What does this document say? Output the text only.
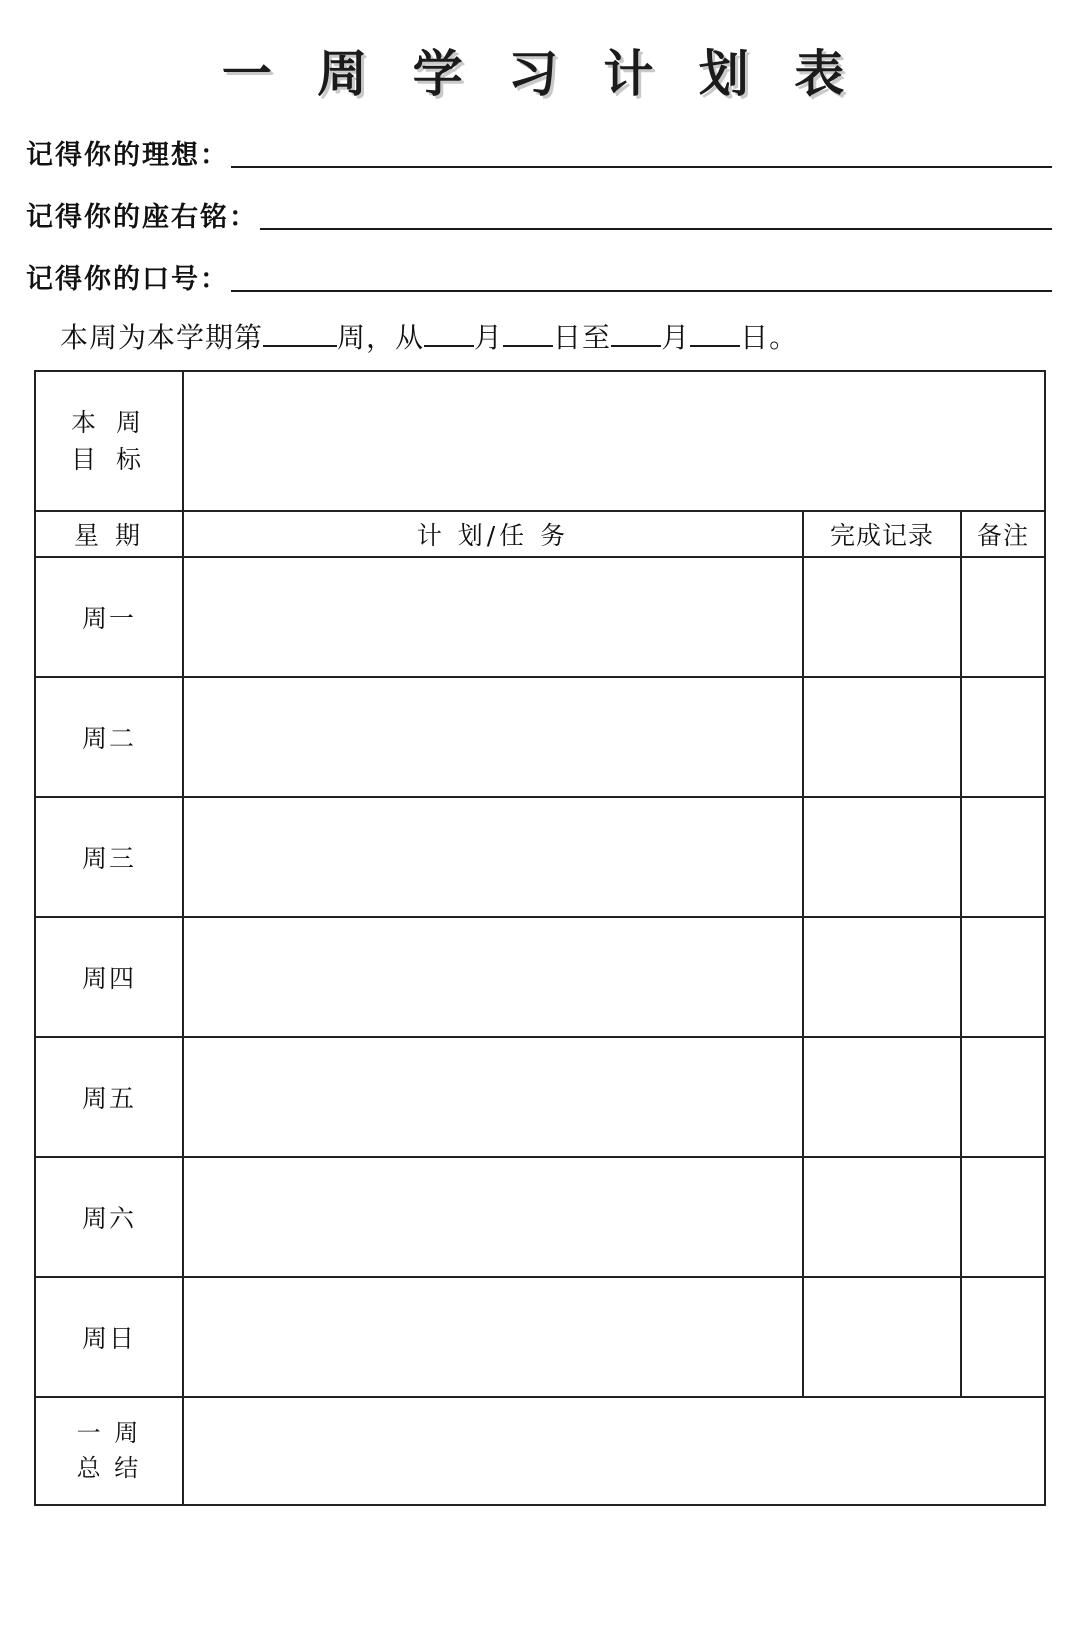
一 周 学 习 计 划 表
记得你的理想：
记得你的座右铭：
记得你的口号：
本周为本学期第	周，从 月 日至 月 日。
本 周
目 标			

星 期	计 划/任 务	完成记录	备注
周一			
周二			
周三			
周四			
周五			
周六			
周日			

一 周
总 结			
